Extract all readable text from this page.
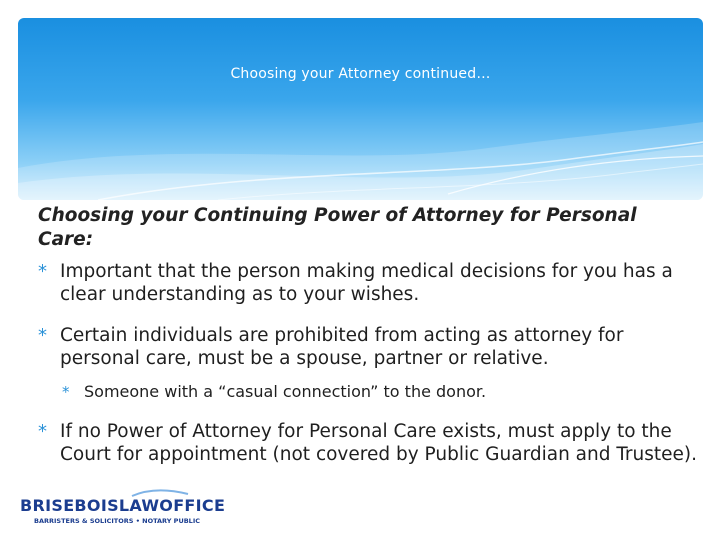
Choosing your Attorney continued…
Choosing your Continuing Power of Attorney for Personal Care:
* Important that the person making medical decisions for you has a clear understanding as to your wishes.
* Certain individuals are prohibited from acting as attorney for personal care, must be a spouse, partner or relative.
* Someone with a “casual connection” to the donor.
* If no Power of Attorney for Personal Care exists, must apply to the Court for appointment (not covered by Public Guardian and Trustee).
BRISEBOISLAWOFFICE
BARRISTERS & SOLICITORS • NOTARY PUBLIC
